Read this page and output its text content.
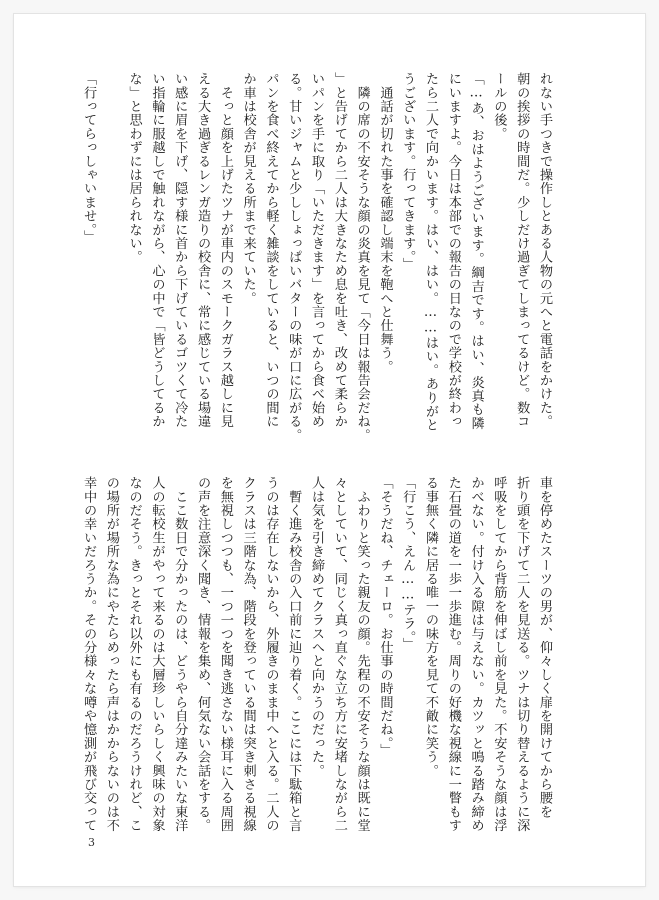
れない手つきで操作しとある人物の元へと電話をかけた。
朝の挨拶の時間だ。少しだけ過ぎてしまってるけど。数コ
ールの後。
「…あ、おはようございます。綱吉です。はい、炎真も隣
にいますよ。今日は本部での報告の日なので学校が終わっ
たら二人で向かいます。はい、はい。……はい。ありがと
うございます。行ってきます。」
　通話が切れた事を確認し端末を鞄へと仕舞う。
　隣の席の不安そうな顔の炎真を見て「今日は報告会だね。
」と告げてから二人は大きなため息を吐き、改めて柔らか
いパンを手に取り「いただきます」を言ってから食べ始め
る。甘いジャムと少ししょっぱいバターの味が口に広がる。
パンを食べ終えてから軽く雑談をしていると、いつの間に
か車は校舎が見える所まで来ていた。
　そっと顔を上げたツナが車内のスモークガラス越しに見
える大き過ぎるレンガ造りの校舎に、常に感じている場違
い感に眉を下げ、隠す様に首から下げているゴツくて冷た
い指輪に服越しで触れながら、心の中で「皆どうしてるか
な」と思わずには居られない。

「行ってらっしゃいませ。」
車を停めたスーツの男が、仰々しく扉を開けてから腰を
折り頭を下げて二人を見送る。ツナは切り替えるように深
呼吸をしてから背筋を伸ばし前を見た。不安そうな顔は浮
かべない。付け入る隙は与えない。カツッと鳴る踏み締め
た石畳の道を一歩一歩進む。周りの好機な視線に一瞥もす
る事無く隣に居る唯一の味方を見て不敵に笑う。
「行こう、えん……テラ。」
「そうだね、チェーロ。お仕事の時間だね。」
　ふわりと笑った親友の顔。先程の不安そうな顔は既に堂
々としていて、同じく真っ直ぐな立ち方に安堵しながら二
人は気を引き締めてクラスへと向かうのだった。
　暫く進み校舎の入口前に辿り着く。ここには下駄箱と言
うのは存在しないから、外履きのまま中へと入る。二人の
クラスは三階な為、階段を登っている間は突き刺さる視線
を無視しつつも、一つ一つを聞き逃さない様耳に入る周囲
の声を注意深く聞き、情報を集め、何気ない会話をする。
　ここ数日で分かったのは、どうやら自分達みたいな東洋
人の転校生がやって来るのは大層珍しいらしく興味の対象
なのだそう。きっとそれ以外にも有るのだろうけれど、こ
の場所が場所な為にやたらめったら声はかからないのは不
幸中の幸いだろうか。その分様々な噂や憶測が飛び交って
3
